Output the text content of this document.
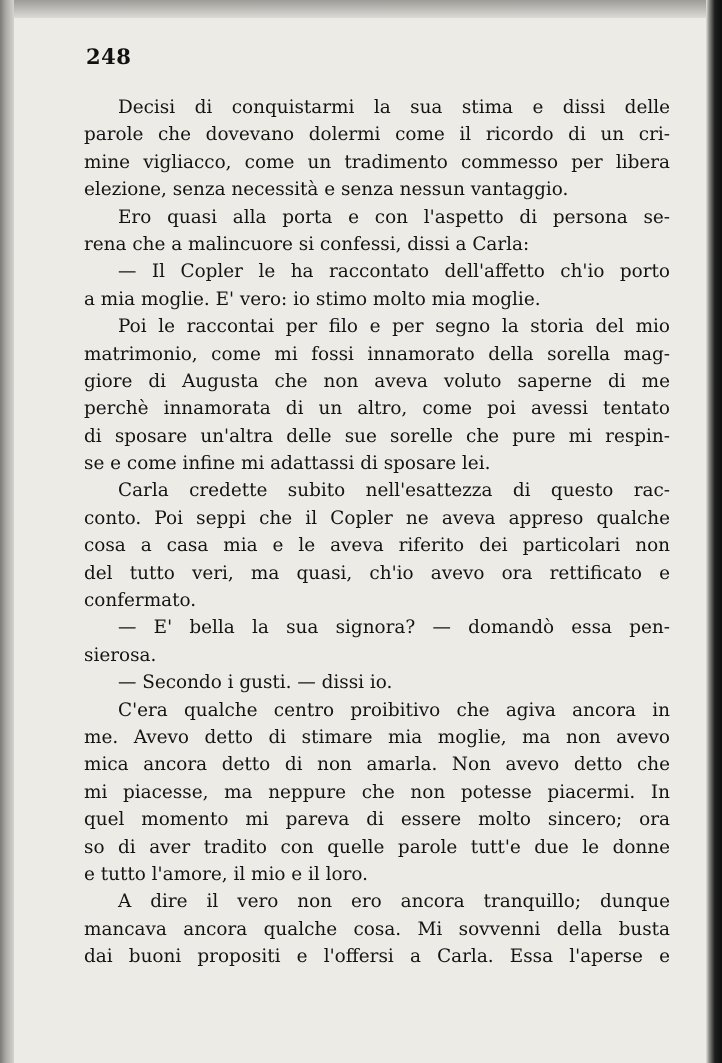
248
Decisi di conquistarmi la sua stima e dissi delle
parole che dovevano dolermi come il ricordo di un cri-
mine vigliacco, come un tradimento commesso per libera
elezione, senza necessità e senza nessun vantaggio.
Ero quasi alla porta e con l'aspetto di persona se-
rena che a malincuore si confessi, dissi a Carla:
— Il Copler le ha raccontato dell'affetto ch'io porto
a mia moglie. E' vero: io stimo molto mia moglie.
Poi le raccontai per filo e per segno la storia del mio
matrimonio, come mi fossi innamorato della sorella mag-
giore di Augusta che non aveva voluto saperne di me
perchè innamorata di un altro, come poi avessi tentato
di sposare un'altra delle sue sorelle che pure mi respin-
se e come infine mi adattassi di sposare lei.
Carla credette subito nell'esattezza di questo rac-
conto. Poi seppi che il Copler ne aveva appreso qualche
cosa a casa mia e le aveva riferito dei particolari non
del tutto veri, ma quasi, ch'io avevo ora rettificato e
confermato.
— E' bella la sua signora? — domandò essa pen-
sierosa.
— Secondo i gusti. — dissi io.
C'era qualche centro proibitivo che agiva ancora in
me. Avevo detto di stimare mia moglie, ma non avevo
mica ancora detto di non amarla. Non avevo detto che
mi piacesse, ma neppure che non potesse piacermi. In
quel momento mi pareva di essere molto sincero; ora
so di aver tradito con quelle parole tutt'e due le donne
e tutto l'amore, il mio e il loro.
A dire il vero non ero ancora tranquillo; dunque
mancava ancora qualche cosa. Mi sovvenni della busta
dai buoni propositi e l'offersi a Carla. Essa l'aperse e
